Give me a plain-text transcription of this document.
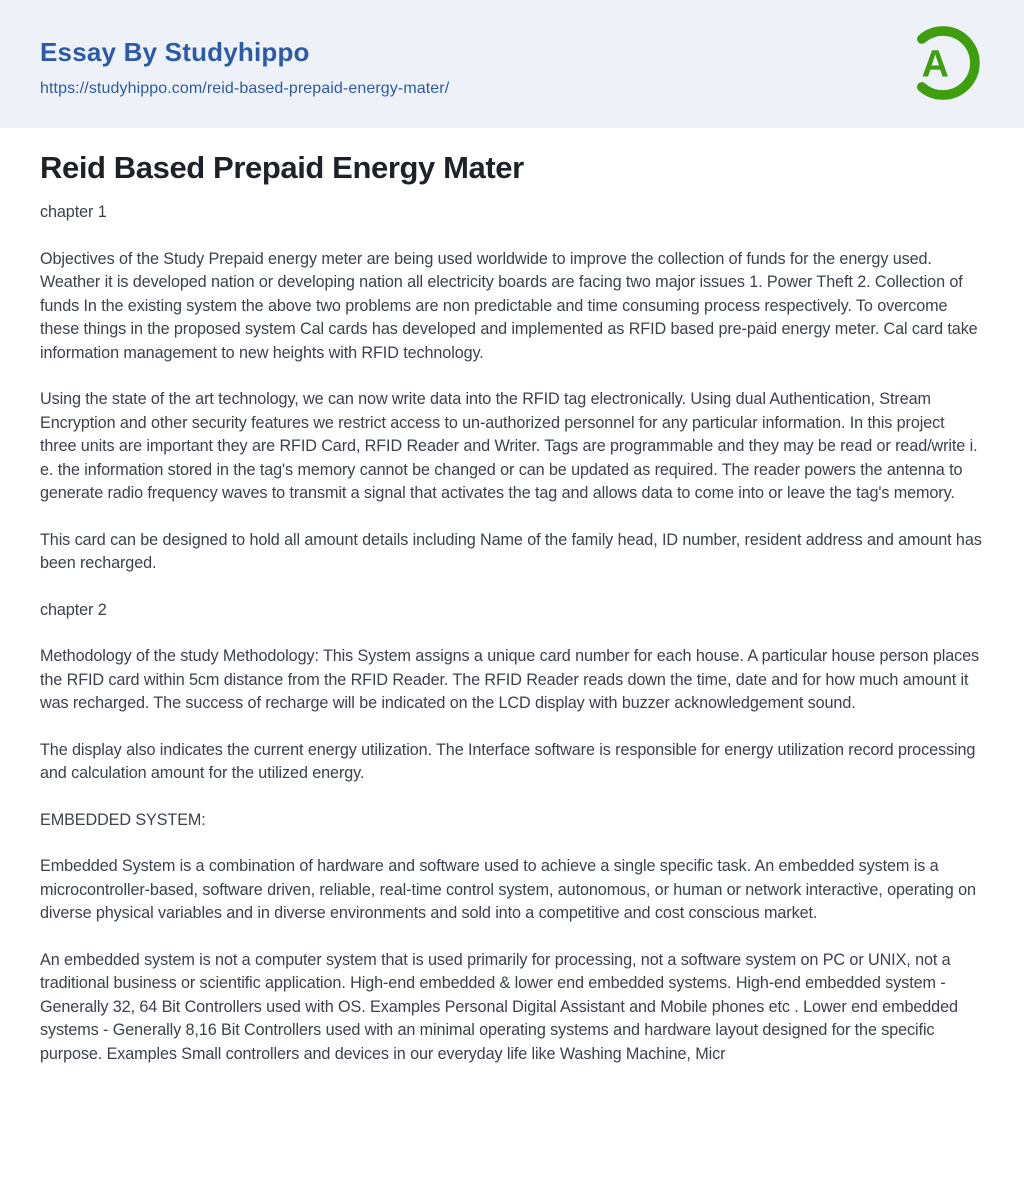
Essay By Studyhippo
https://studyhippo.com/reid-based-prepaid-energy-mater/
A
Reid Based Prepaid Energy Mater

chapter 1

Objectives of the Study Prepaid energy meter are being used worldwide to improve the collection of funds for the energy used. Weather it is developed nation or developing nation all electricity boards are facing two major issues 1. Power Theft 2. Collection of funds In the existing system the above two problems are non predictable and time consuming process respectively. To overcome these things in the proposed system Cal cards has developed and implemented as RFID based pre-paid energy meter. Cal card take information management to new heights with RFID technology.

Using the state of the art technology, we can now write data into the RFID tag electronically. Using dual Authentication, Stream Encryption and other security features we restrict access to un-authorized personnel for any particular information. In this project three units are important they are RFID Card, RFID Reader and Writer. Tags are programmable and they may be read or read/write i. e. the information stored in the tag's memory cannot be changed or can be updated as required. The reader powers the antenna to generate radio frequency waves to transmit a signal that activates the tag and allows data to come into or leave the tag's memory.

This card can be designed to hold all amount details including Name of the family head, ID number, resident address and amount has been recharged.

chapter 2

Methodology of the study Methodology: This System assigns a unique card number for each house. A particular house person places the RFID card within 5cm distance from the RFID Reader. The RFID Reader reads down the time, date and for how much amount it was recharged. The success of recharge will be indicated on the LCD display with buzzer acknowledgement sound.

The display also indicates the current energy utilization. The Interface software is responsible for energy utilization record processing and calculation amount for the utilized energy.

EMBEDDED SYSTEM:

Embedded System is a combination of hardware and software used to achieve a single specific task. An embedded system is a microcontroller-based, software driven, reliable, real-time control system, autonomous, or human or network interactive, operating on diverse physical variables and in diverse environments and sold into a competitive and cost conscious market.

An embedded system is not a computer system that is used primarily for processing, not a software system on PC or UNIX, not a traditional business or scientific application. High-end embedded & lower end embedded systems. High-end embedded system - Generally 32, 64 Bit Controllers used with OS. Examples Personal Digital Assistant and Mobile phones etc . Lower end embedded systems - Generally 8,16 Bit Controllers used with an minimal operating systems and hardware layout designed for the specific purpose. Examples Small controllers and devices in our everyday life like Washing Machine, Micr
